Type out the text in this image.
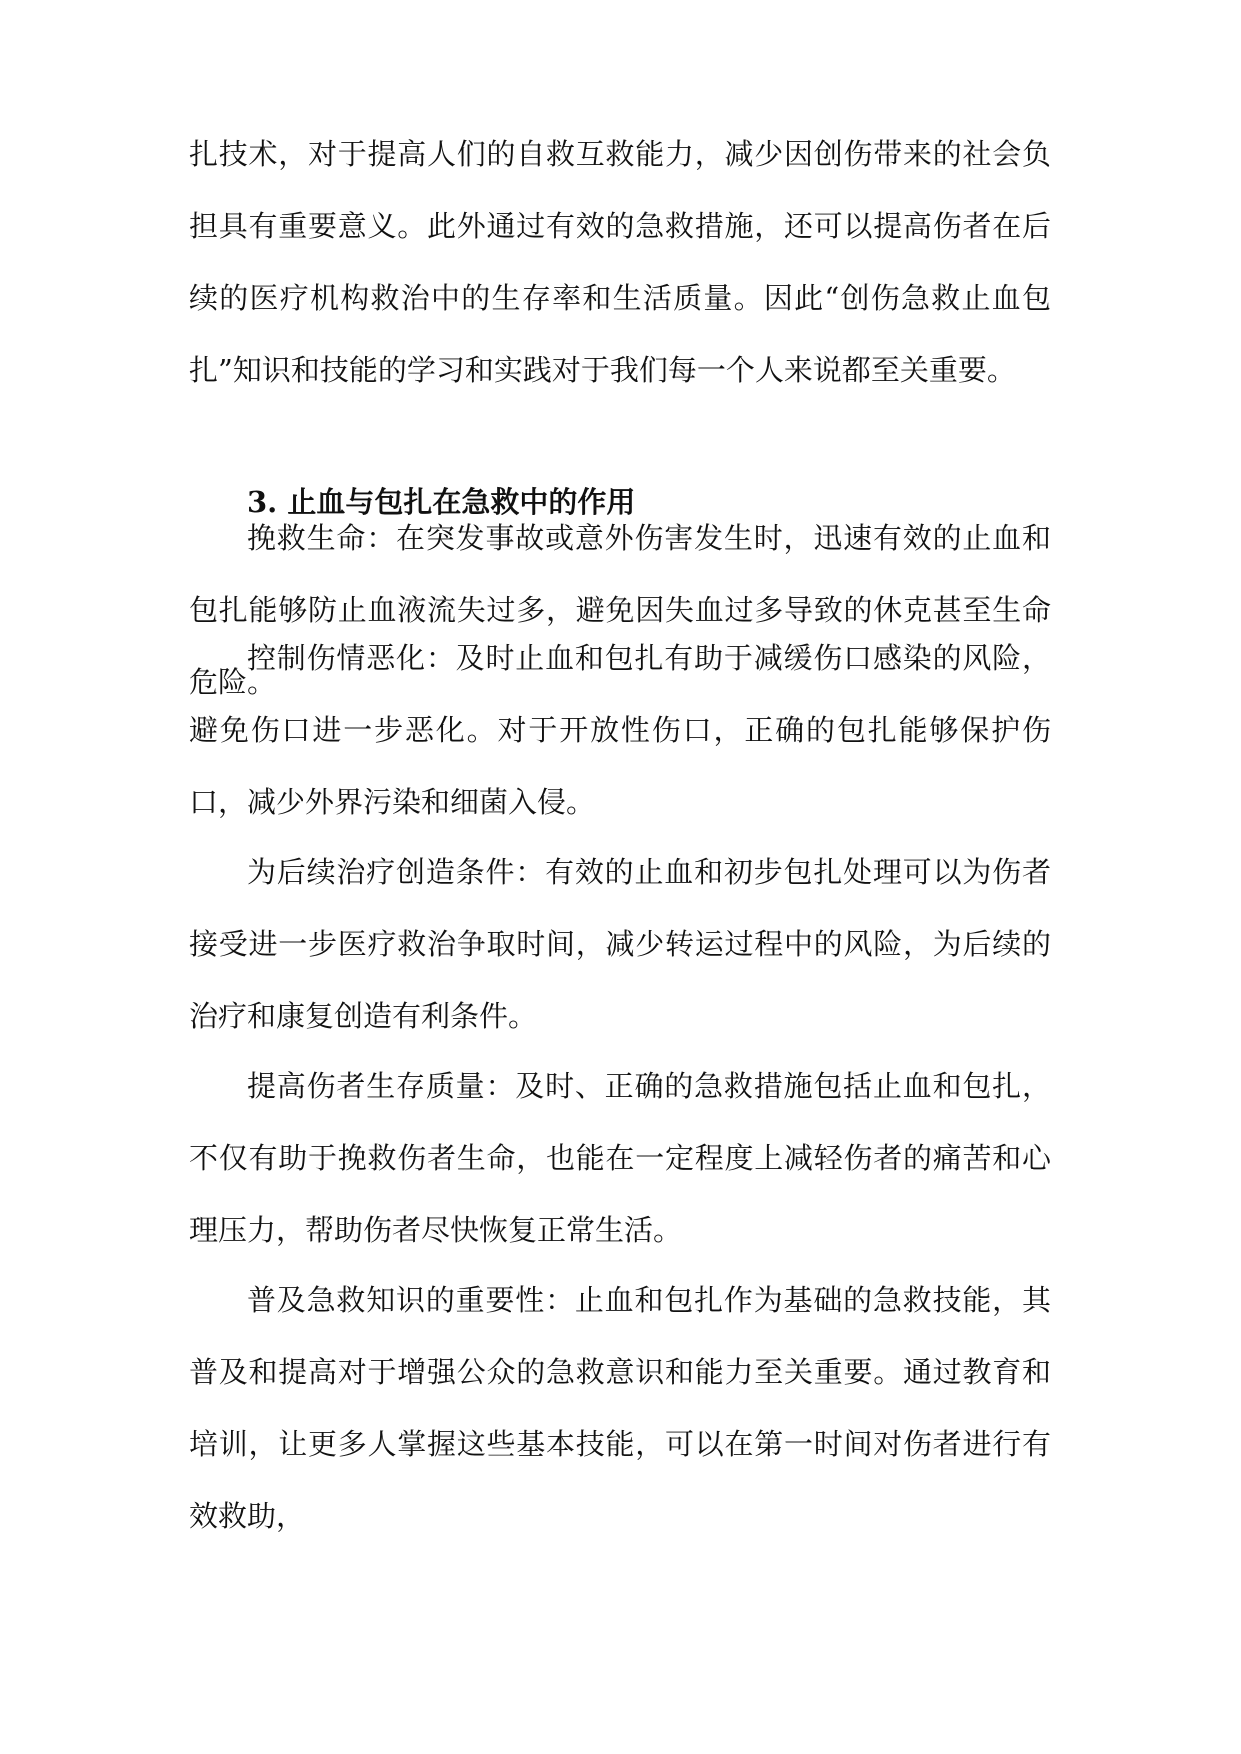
扎技术，对于提高人们的自救互救能力，减少因创伤带来的社会负担具有重要意义。此外通过有效的急救措施，还可以提高伤者在后续的医疗机构救治中的生存率和生活质量。因此“创伤急救止血包扎”知识和技能的学习和实践对于我们每一个人来说都至关重要。

3. 止血与包扎在急救中的作用

挽救生命：在突发事故或意外伤害发生时，迅速有效的止血和包扎能够防止血液流失过多，避免因失血过多导致的休克甚至生命危险。

控制伤情恶化：及时止血和包扎有助于减缓伤口感染的风险，避免伤口进一步恶化。对于开放性伤口，正确的包扎能够保护伤口，减少外界污染和细菌入侵。

为后续治疗创造条件：有效的止血和初步包扎处理可以为伤者接受进一步医疗救治争取时间，减少转运过程中的风险，为后续的治疗和康复创造有利条件。

提高伤者生存质量：及时、正确的急救措施包括止血和包扎，不仅有助于挽救伤者生命，也能在一定程度上减轻伤者的痛苦和心理压力，帮助伤者尽快恢复正常生活。

普及急救知识的重要性：止血和包扎作为基础的急救技能，其普及和提高对于增强公众的急救意识和能力至关重要。通过教育和培训，让更多人掌握这些基本技能，可以在第一时间对伤者进行有效救助，
